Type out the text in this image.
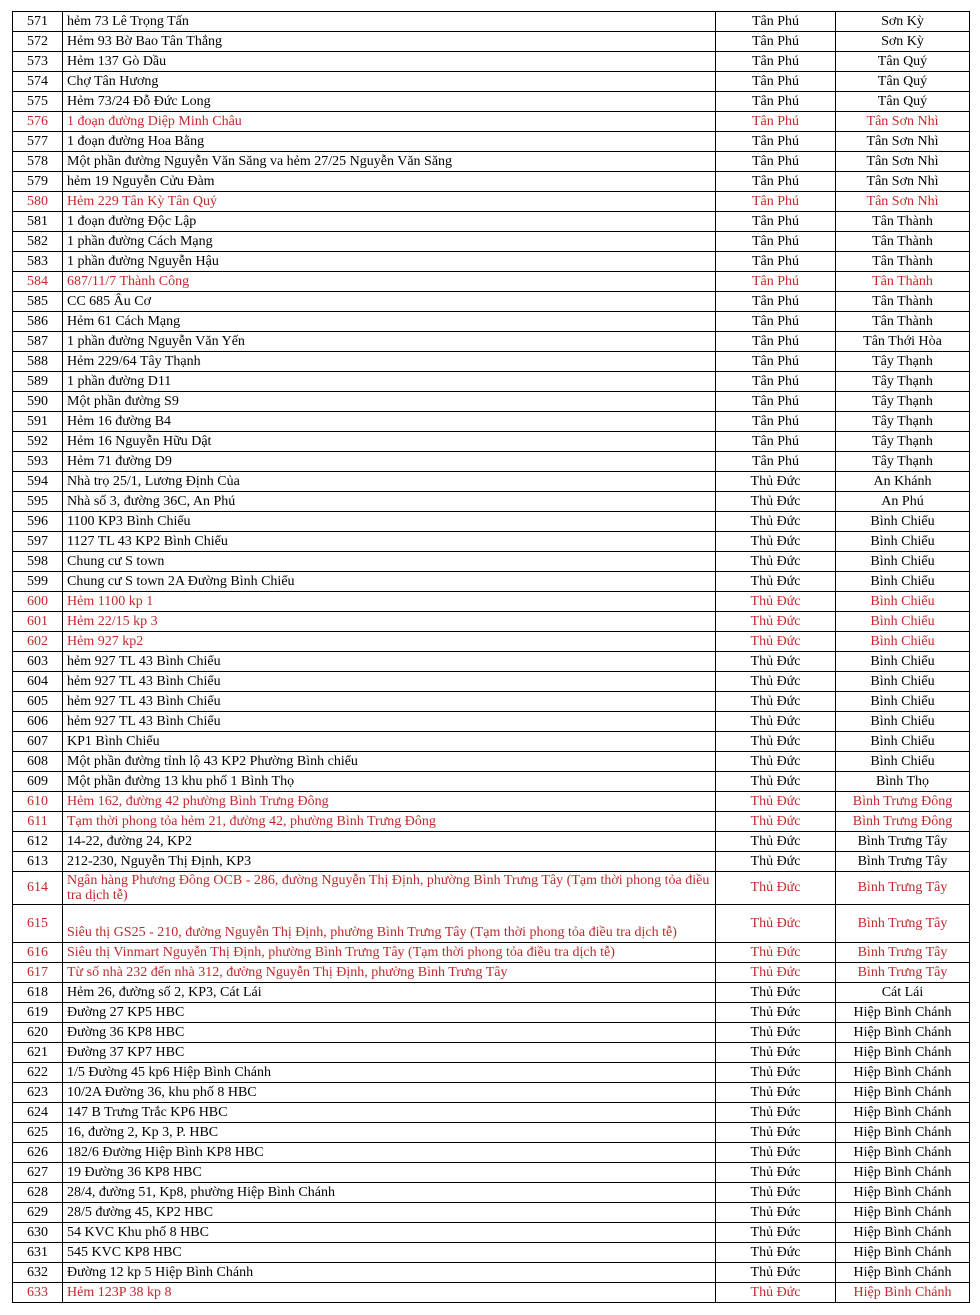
571	hẻm 73 Lê Trọng Tấn	Tân Phú	Sơn Kỳ
572	Hẻm 93 Bờ Bao Tân Thắng	Tân Phú	Sơn Kỳ
573	Hẻm 137 Gò Dầu	Tân Phú	Tân Quý
574	Chợ Tân Hương	Tân Phú	Tân Quý
575	Hẻm 73/24 Đỗ Đức Long	Tân Phú	Tân Quý
576	1 đoạn đường Diệp Minh Châu	Tân Phú	Tân Sơn Nhì
577	1 đoạn đường Hoa Bằng	Tân Phú	Tân Sơn Nhì
578	Một phần đường Nguyễn Văn Săng va hẻm 27/25 Nguyễn Văn Săng	Tân Phú	Tân Sơn Nhì
579	hẻm 19 Nguyễn Cửu Đàm	Tân Phú	Tân Sơn Nhì
580	Hẻm 229 Tân Kỳ Tân Quý	Tân Phú	Tân Sơn Nhì
581	1 đoạn đường Độc Lập	Tân Phú	Tân Thành
582	1 phần đường Cách Mạng	Tân Phú	Tân Thành
583	1 phần đường Nguyễn Hậu	Tân Phú	Tân Thành
584	687/11/7 Thành Công	Tân Phú	Tân Thành
585	CC 685 Âu Cơ	Tân Phú	Tân Thành
586	Hẻm 61 Cách Mạng	Tân Phú	Tân Thành
587	1 phần đường Nguyễn Văn Yến	Tân Phú	Tân Thới Hòa
588	Hẻm 229/64 Tây Thạnh	Tân Phú	Tây Thạnh
589	1 phần đường D11	Tân Phú	Tây Thạnh
590	Một phần đường S9	Tân Phú	Tây Thạnh
591	Hẻm 16 đường B4	Tân Phú	Tây Thạnh
592	Hẻm 16 Nguyễn Hữu Dật	Tân Phú	Tây Thạnh
593	Hẻm 71 đường D9	Tân Phú	Tây Thạnh
594	Nhà trọ 25/1, Lương Định Của	Thủ Đức	An Khánh
595	Nhà số 3, đường 36C, An Phú	Thủ Đức	An Phú
596	1100 KP3 Bình Chiểu	Thủ Đức	Bình Chiểu
597	1127 TL 43 KP2 Bình Chiểu	Thủ Đức	Bình Chiểu
598	Chung cư S town	Thủ Đức	Bình Chiểu
599	Chung cư S town 2A Đường Bình Chiểu	Thủ Đức	Bình Chiểu
600	Hẻm 1100 kp 1	Thủ Đức	Bình Chiểu
601	Hẻm 22/15 kp 3	Thủ Đức	Bình Chiểu
602	Hẻm 927 kp2	Thủ Đức	Bình Chiểu
603	hẻm 927 TL 43 Bình Chiểu	Thủ Đức	Bình Chiểu
604	hẻm 927 TL 43 Bình Chiểu	Thủ Đức	Bình Chiểu
605	hẻm 927 TL 43 Bình Chiểu	Thủ Đức	Bình Chiểu
606	hẻm 927 TL 43 Bình Chiểu	Thủ Đức	Bình Chiểu
607	KP1 Bình Chiểu	Thủ Đức	Bình Chiểu
608	Một phần đường tỉnh lộ 43 KP2 Phường Bình chiểu	Thủ Đức	Bình Chiểu
609	Một phần đường 13 khu phố 1 Bình Thọ	Thủ Đức	Bình Thọ
610	Hẻm 162, đường 42 phường Bình Trưng Đông	Thủ Đức	Bình Trưng Đông
611	Tạm thời phong tỏa hẻm 21, đường 42, phường Bình Trưng Đông	Thủ Đức	Bình Trưng Đông
612	14-22, đường 24, KP2	Thủ Đức	Bình Trưng Tây
613	212-230, Nguyễn Thị Định, KP3	Thủ Đức	Bình Trưng Tây
614	Ngân hàng Phương Đông OCB - 286, đường Nguyễn Thị Định, phường Bình Trưng Tây (Tạm thời phong tỏa điều tra dịch tễ)	Thủ Đức	Bình Trưng Tây
615	Siêu thị GS25 - 210, đường Nguyễn Thị Định, phường Bình Trưng Tây (Tạm thời phong tỏa điều tra dịch tễ)	Thủ Đức	Bình Trưng Tây
616	Siêu thị Vinmart Nguyễn Thị Định, phường Bình Trưng Tây (Tạm thời phong tỏa điều tra dịch tễ)	Thủ Đức	Bình Trưng Tây
617	Từ số nhà 232 đến nhà 312, đường Nguyễn Thị Định, phường Bình Trưng Tây	Thủ Đức	Bình Trưng Tây
618	Hẻm 26, đường số 2, KP3, Cát Lái	Thủ Đức	Cát Lái
619	Đường 27 KP5 HBC	Thủ Đức	Hiệp Bình Chánh
620	Đường 36 KP8 HBC	Thủ Đức	Hiệp Bình Chánh
621	Đường 37 KP7 HBC	Thủ Đức	Hiệp Bình Chánh
622	1/5 Đường 45 kp6 Hiệp Bình Chánh	Thủ Đức	Hiệp Bình Chánh
623	10/2A Đường 36, khu phố 8 HBC	Thủ Đức	Hiệp Bình Chánh
624	147 B Trưng Trắc KP6 HBC	Thủ Đức	Hiệp Bình Chánh
625	16, đường 2, Kp 3, P. HBC	Thủ Đức	Hiệp Bình Chánh
626	182/6 Đường Hiệp Bình KP8 HBC	Thủ Đức	Hiệp Bình Chánh
627	19 Đường 36 KP8 HBC	Thủ Đức	Hiệp Bình Chánh
628	28/4, đường 51, Kp8, phường Hiệp Bình Chánh	Thủ Đức	Hiệp Bình Chánh
629	28/5 đường 45, KP2 HBC	Thủ Đức	Hiệp Bình Chánh
630	54 KVC Khu phố 8 HBC	Thủ Đức	Hiệp Bình Chánh
631	545 KVC KP8 HBC	Thủ Đức	Hiệp Bình Chánh
632	Đường 12 kp 5 Hiệp Bình Chánh	Thủ Đức	Hiệp Bình Chánh
633	Hẻm 123P 38 kp 8	Thủ Đức	Hiệp Bình Chánh
